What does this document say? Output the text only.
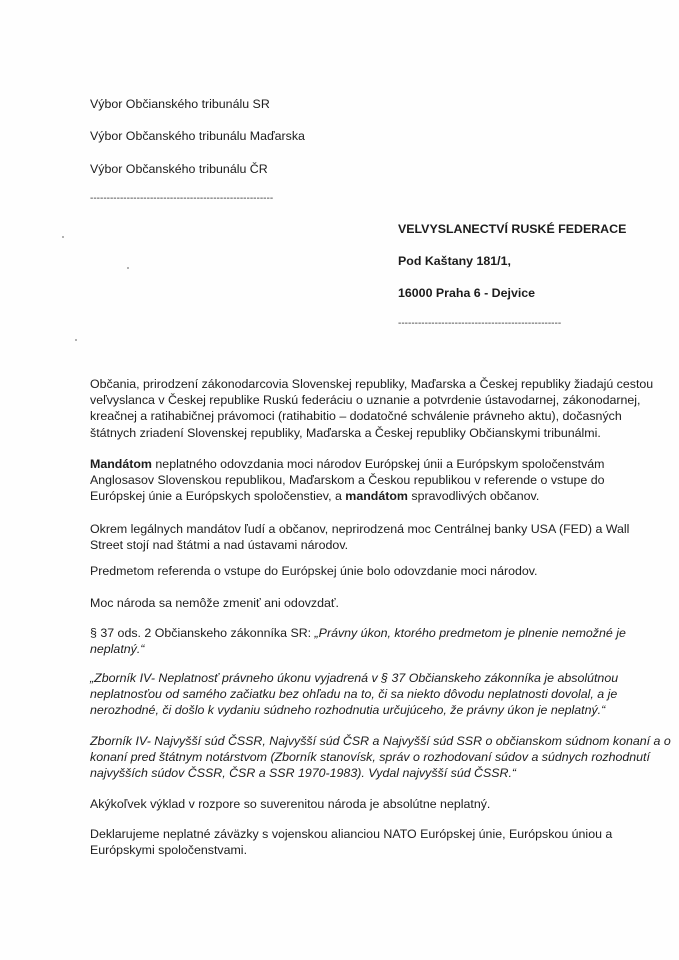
Výbor Občianského tribunálu SR
Výbor Občanského tribunálu Maďarska
Výbor Občanského tribunálu ČR
-------------------------------------------------------
VELVYSLANECTVÍ RUSKÉ FEDERACE
Pod Kaštany 181/1,
16000 Praha 6 - Dejvice
-------------------------------------------------

Občania, prirodzení zákonodarcovia Slovenskej republiky, Maďarska a Českej republiky žiadajú cestou

veľvyslanca v Českej republike Ruskú federáciu o uznanie a potvrdenie ústavodarnej, zákonodarnej,

kreačnej a ratihabičnej právomoci (ratihabitio – dodatočné schválenie právneho aktu), dočasných

štátnych zriadení Slovenskej republiky, Maďarska a Českej republiky Občianskymi tribunálmi.

Mandátom neplatného odovzdania moci národov Európskej únii a Európskym spoločenstvám

Anglosasov Slovenskou republikou, Maďarskom a Českou republikou v referende o vstupe do

Európskej únie a Európskych spoločenstiev, a mandátom spravodlivých občanov.

Okrem legálnych mandátov ľudí a občanov, neprirodzená moc Centrálnej banky USA (FED) a Wall

Street stojí nad štátmi a nad ústavami národov.

Predmetom referenda o vstupe do Európskej únie bolo odovzdanie moci národov.

Moc národa sa nemôže zmeniť ani odovzdať.

§ 37 ods. 2 Občianskeho zákonníka SR: „Právny úkon, ktorého predmetom je plnenie nemožné je

neplatný.“

„Zborník IV- Neplatnosť právneho úkonu vyjadrená v § 37 Občianskeho zákonníka je absolútnou

neplatnosťou od samého začiatku bez ohľadu na to, či sa niekto dôvodu neplatnosti dovolal, a je

nerozhodné, či došlo k vydaniu súdneho rozhodnutia určujúceho, že právny úkon je neplatný.“

Zborník IV- Najvyšší súd ČSSR, Najvyšší súd ČSR a Najvyšší súd SSR o občianskom súdnom konaní a o

konaní pred štátnym notárstvom (Zborník stanovísk, správ o rozhodovaní súdov a súdnych rozhodnutí

najvyšších súdov ČSSR, ČSR a SSR 1970-1983). Vydal najvyšší súd ČSSR.“

Akýkoľvek výklad v rozpore so suverenitou národa je absolútne neplatný.

Deklarujeme neplatné záväzky s vojenskou alianciou NATO Európskej únie, Európskou úniou a

Európskymi spoločenstvami.
